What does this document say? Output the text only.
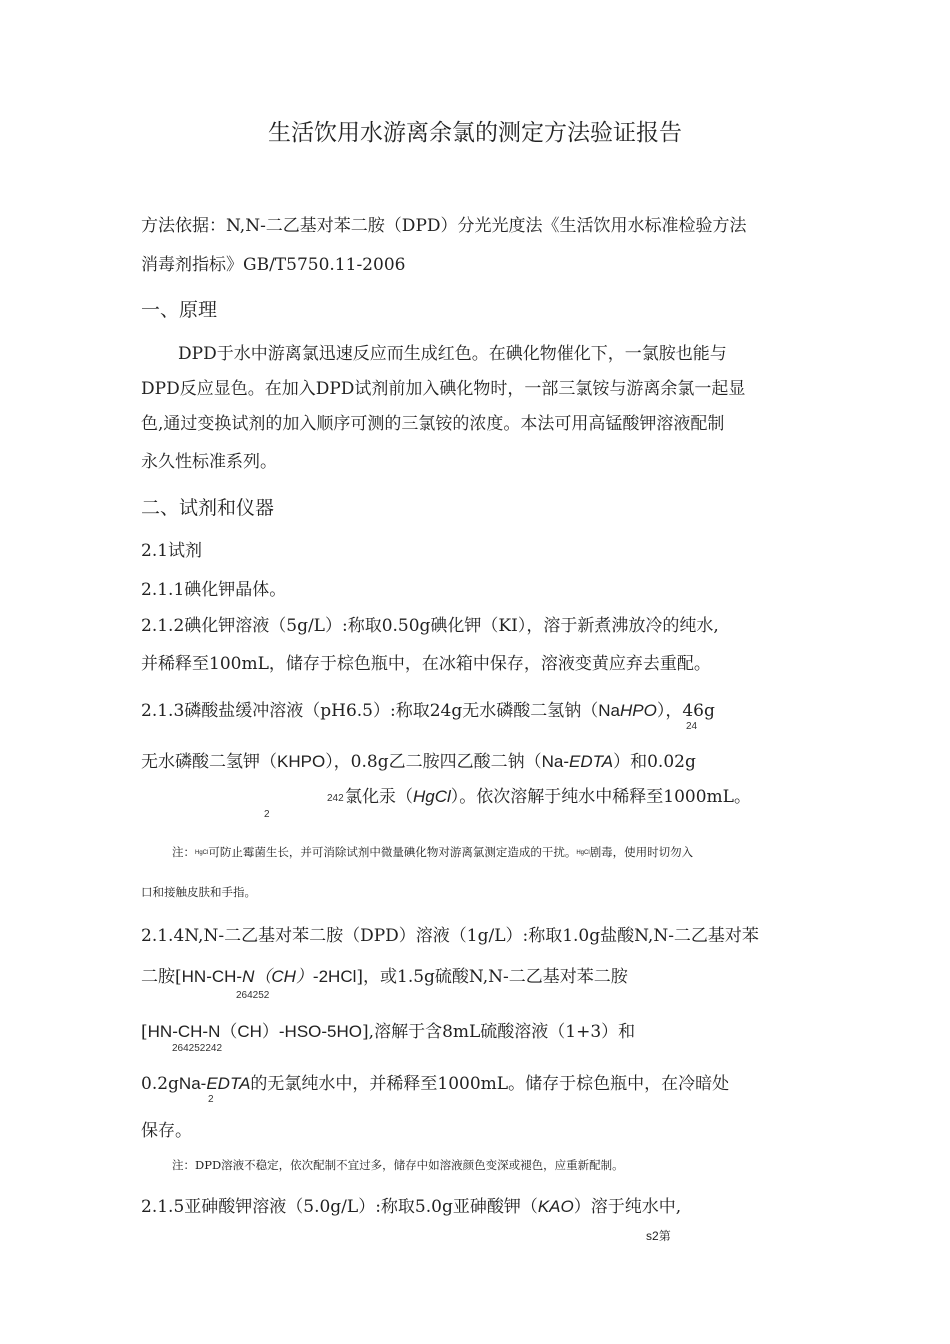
生活饮用水游离余氯的测定方法验证报告
方法依据：N,N-二乙基对苯二胺（DPD）分光光度法《生活饮用水标准检验方法
消毒剂指标》GB/T5750.11-2006
一、原理
DPD于水中游离氯迅速反应而生成红色。在碘化物催化下，一氯胺也能与
DPD反应显色。在加入DPD试剂前加入碘化物时，一部三氯铵与游离余氯一起显
色,通过变换试剂的加入顺序可测的三氯铵的浓度。本法可用高锰酸钾溶液配制
永久性标准系列。
二、试剂和仪器
2.1试剂
2.1.1碘化钾晶体。
2.1.2碘化钾溶液（5g/L）:称取0.50g碘化钾（KI），溶于新煮沸放冷的纯水,
并稀释至100mL，储存于棕色瓶中，在冰箱中保存，溶液变黄应弃去重配。
2.1.3磷酸盐缓冲溶液（pH6.5）:称取24g无水磷酸二氢钠（NaHPO），46g
24
无水磷酸二氢钾（KHPO），0.8g乙二胺四乙酸二钠（Na-EDTA）和0.02g
242 氯化汞（HgCl）。依次溶解于纯水中稀释至1000mL。
2
注：HgCl可防止霉菌生长，并可消除试剂中微量碘化物对游离氯测定造成的干扰。HgCl剧毒，使用时切勿入
口和接触皮肤和手指。
2.1.4N,N-二乙基对苯二胺（DPD）溶液（1g/L）:称取1.0g盐酸N,N-二乙基对苯
二胺[HN-CH-N（CH）-2HCl]，或1.5g硫酸N,N-二乙基对苯二胺
264252
[HN-CH-N（CH）-HSO-5HO],溶解于含8mL硫酸溶液（1+3）和
264252242
0.2gNa-EDTA的无氯纯水中，并稀释至1000mL。储存于棕色瓶中，在冷暗处
2
保存。
注：DPD溶液不稳定，依次配制不宜过多，储存中如溶液颜色变深或褪色，应重新配制。
2.1.5亚砷酸钾溶液（5.0g/L）:称取5.0g亚砷酸钾（KAO）溶于纯水中,
s2第
